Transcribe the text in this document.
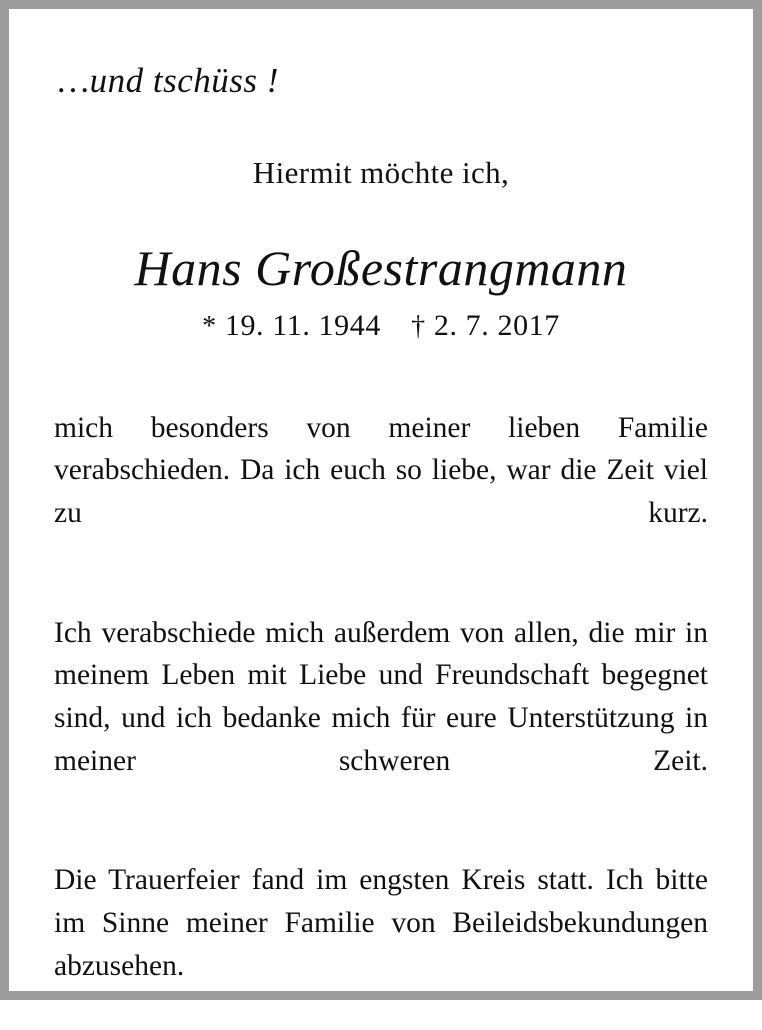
…und tschüss !
Hiermit möchte ich,
Hans Großestrangmann
* 19. 11. 1944 † 2. 7. 2017

mich besonders von meiner lieben Familie verabschieden. Da ich euch so liebe, war die Zeit viel zu kurz.

Ich verabschiede mich außerdem von allen, die mir in meinem Leben mit Liebe und Freundschaft begegnet sind, und ich bedanke mich für eure Unterstützung in meiner schweren Zeit.

Die Trauerfeier fand im engsten Kreis statt. Ich bitte im Sinne meiner Familie von Beileidsbekundungen abzusehen.
